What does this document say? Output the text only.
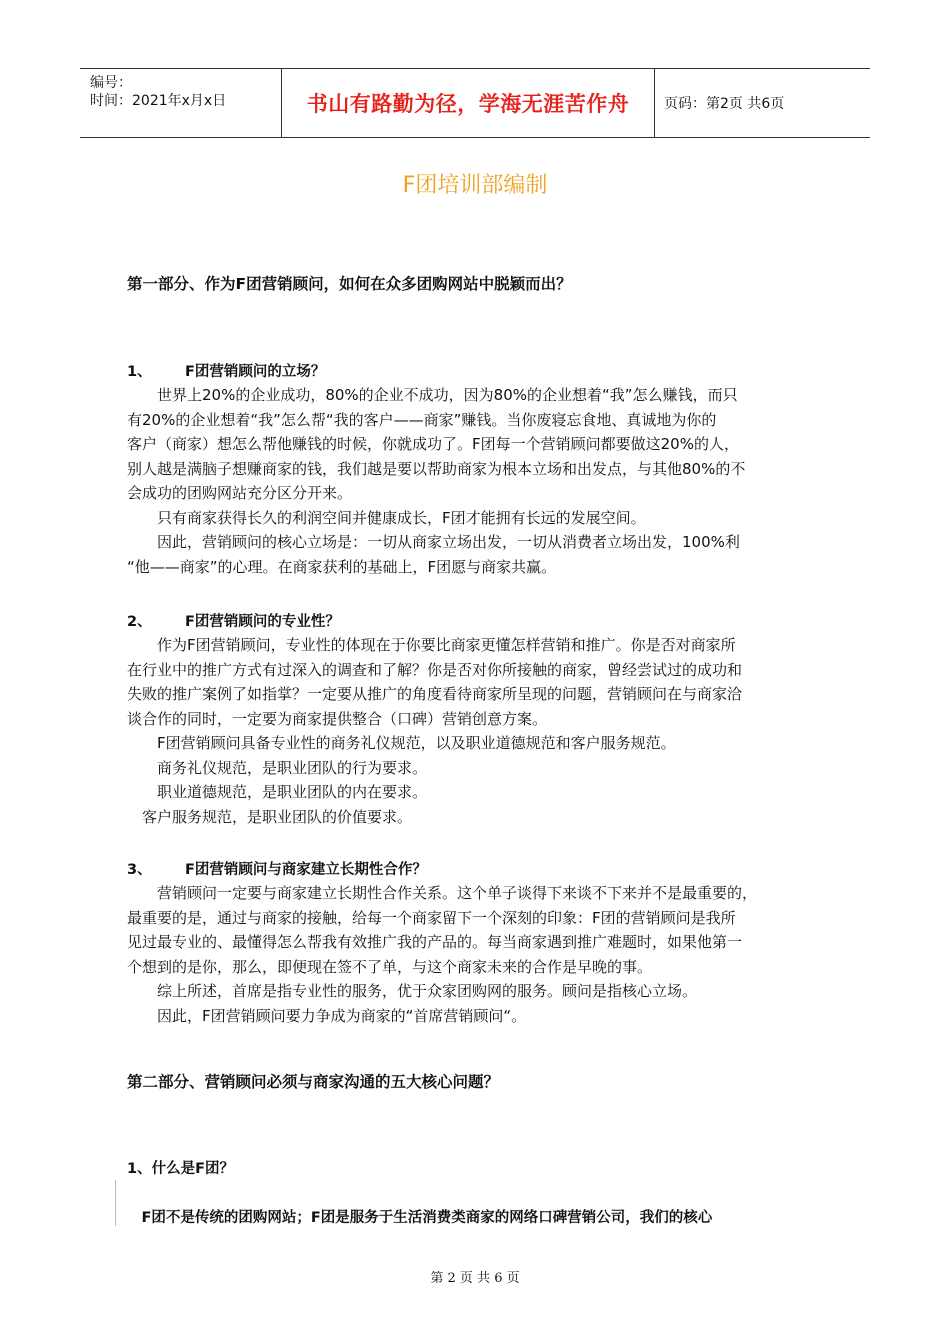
编号：
时间：2021年x月x日	书山有路勤为径，学海无涯苦作舟 页码：第2页 共6页
F团培训部编制
第一部分、作为F团营销顾问，如何在众多团购网站中脱颖而出？
1、 F团营销顾问的立场？
　　世界上20%的企业成功，80%的企业不成功，因为80%的企业想着“我”怎么赚钱，而只
有20%的企业想着“我”怎么帮“我的客户——商家”赚钱。当你废寝忘食地、真诚地为你的
客户（商家）想怎么帮他赚钱的时候，你就成功了。F团每一个营销顾问都要做这20%的人，
别人越是满脑子想赚商家的钱，我们越是要以帮助商家为根本立场和出发点，与其他80%的不
会成功的团购网站充分区分开来。
　　只有商家获得长久的利润空间并健康成长，F团才能拥有长远的发展空间。
　　因此，营销顾问的核心立场是：一切从商家立场出发，一切从消费者立场出发，100%利
“他——商家”的心理。在商家获利的基础上，F团愿与商家共赢。
2、 F团营销顾问的专业性？
　　作为F团营销顾问，专业性的体现在于你要比商家更懂怎样营销和推广。你是否对商家所
在行业中的推广方式有过深入的调查和了解？你是否对你所接触的商家，曾经尝试过的成功和
失败的推广案例了如指掌？一定要从推广的角度看待商家所呈现的问题，营销顾问在与商家洽
谈合作的同时，一定要为商家提供整合（口碑）营销创意方案。
　　F团营销顾问具备专业性的商务礼仪规范，以及职业道德规范和客户服务规范。
　　商务礼仪规范，是职业团队的行为要求。
　　职业道德规范，是职业团队的内在要求。
　客户服务规范，是职业团队的价值要求。
3、 F团营销顾问与商家建立长期性合作？
　　营销顾问一定要与商家建立长期性合作关系。这个单子谈得下来谈不下来并不是最重要的，
最重要的是，通过与商家的接触，给每一个商家留下一个深刻的印象：F团的营销顾问是我所
见过最专业的、最懂得怎么帮我有效推广我的产品的。每当商家遇到推广难题时，如果他第一
个想到的是你，那么，即便现在签不了单，与这个商家未来的合作是早晚的事。
　　综上所述，首席是指专业性的服务，优于众家团购网的服务。顾问是指核心立场。
　　因此，F团营销顾问要力争成为商家的“首席营销顾问“。
第二部分、营销顾问必须与商家沟通的五大核心问题？
1、什么是F团？
　F团不是传统的团购网站；F团是服务于生活消费类商家的网络口碑营销公司，我们的核心
第 2 页 共 6 页
